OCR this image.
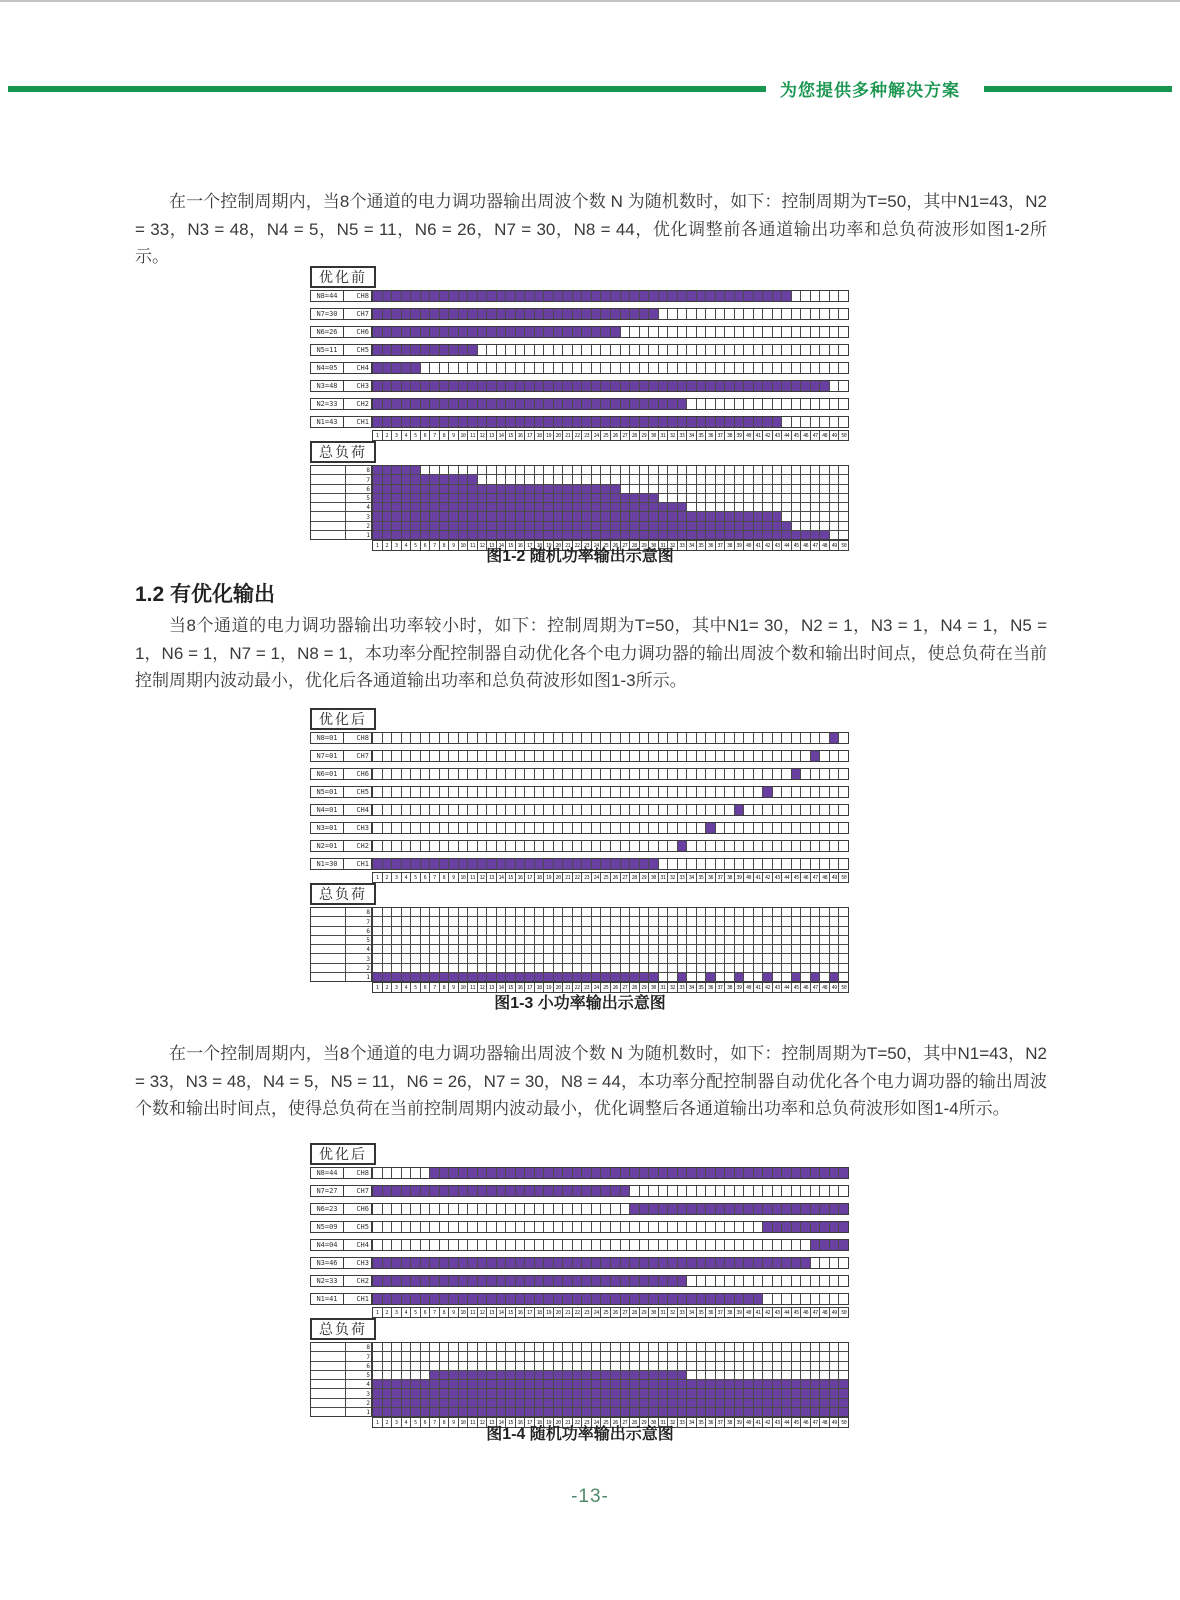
为您提供多种解决方案

在一个控制周期内，当8个通道的电力调功器输出周波个数 N 为随机数时，如下：控制周期为T=50，其中N1=43，N2 = 33，N3 = 48，N4 = 5，N5 = 11，N6 = 26，N7 = 30，N8 = 44，优化调整前各通道输出功率和总负荷波形如图1-2所示。

优化前
N8=44	CH8
N7=30	CH7
N6=26	CH6
N5=11	CH5
N4=05	CH4
N3=48	CH3
N2=33	CH2
N1=43	CH1
1	2	3	4	5	6	7	8	9	10 11 12 13 14 15 16 17 18 19 20 21 22 23 24 25 26 27 28 29 30 31 32 33 34 35 36 37 38 39 40 41 42 43 44 45 46 47 48 49 50
总负荷
8
7
6
5
4
3
2
1
1	2	3	4	5	6	7	8	9	10 11 12 13 14 15 16 17 18 19 20 21 22 23 24 25 26 27 28 29 30 31 32 33 34 35 36 37 38 39 40 41 42 43 44 45 46 47 48 49 50
图1-2 随机功率输出示意图
1.2 有优化输出

当8个通道的电力调功器输出功率较小时，如下：控制周期为T=50，其中N1= 30，N2 = 1，N3 = 1，N4 = 1，N5 = 1，N6 = 1，N7 = 1，N8 = 1，本功率分配控制器自动优化各个电力调功器的输出周波个数和输出时间点，使总负荷在当前控制周期内波动最小，优化后各通道输出功率和总负荷波形如图1-3所示。

优化后
N8=01	CH8
N7=01	CH7
N6=01	CH6
N5=01	CH5
N4=01	CH4
N3=01	CH3
N2=01	CH2
N1=30	CH1
1	2	3	4	5	6	7	8	9	10 11 12 13 14 15 16 17 18 19 20 21 22 23 24 25 26 27 28 29 30 31 32 33 34 35 36 37 38 39 40 41 42 43 44 45 46 47 48 49 50
总负荷
8
7
6
5
4
3
2
1
1	2	3	4	5	6	7	8	9	10 11 12 13 14 15 16 17 18 19 20 21 22 23 24 25 26 27 28 29 30 31 32 33 34 35 36 37 38 39 40 41 42 43 44 45 46 47 48 49 50
图1-3 小功率输出示意图

在一个控制周期内，当8个通道的电力调功器输出周波个数 N 为随机数时，如下：控制周期为T=50，其中N1=43，N2 = 33，N3 = 48，N4 = 5，N5 = 11，N6 = 26，N7 = 30，N8 = 44，本功率分配控制器自动优化各个电力调功器的输出周波个数和输出时间点，使得总负荷在当前控制周期内波动最小，优化调整后各通道输出功率和总负荷波形如图1-4所示。

优化后
N8=44	CH8
N7=27	CH7
N6=23	CH6
N5=09	CH5
N4=04	CH4
N3=46	CH3
N2=33	CH2
N1=41	CH1
1	2	3	4	5	6	7	8	9	10 11 12 13 14 15 16 17 18 19 20 21 22 23 24 25 26 27 28 29 30 31 32 33 34 35 36 37 38 39 40 41 42 43 44 45 46 47 48 49 50
总负荷
8
7
6
5
4
3
2
1
1	2	3	4	5	6	7	8	9	10 11 12 13 14 15 16 17 18 19 20 21 22 23 24 25 26 27 28 29 30 31 32 33 34 35 36 37 38 39 40 41 42 43 44 45 46 47 48 49 50
图1-4 随机功率输出示意图
-13-
